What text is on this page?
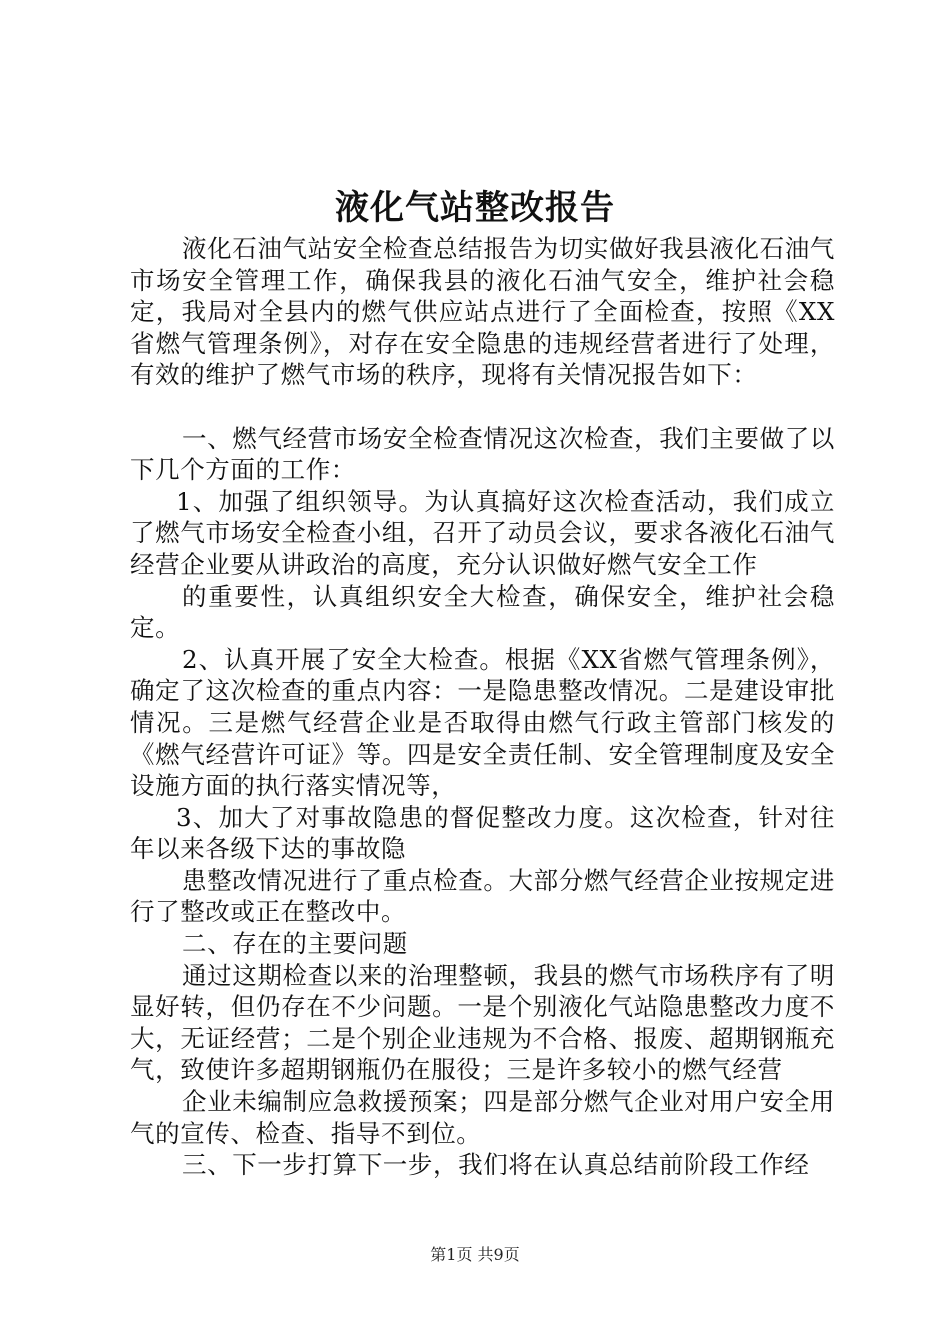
液化气站整改报告

液化石油气站安全检查总结报告为切实做好我县液化石油气市场安全管理工作，确保我县的液化石油气安全，维护社会稳定，我局对全县内的燃气供应站点进行了全面检查，按照《XX省燃气管理条例》，对存在安全隐患的违规经营者进行了处理，有效的维护了燃气市场的秩序，现将有关情况报告如下：

一、燃气经营市场安全检查情况这次检查，我们主要做了以下几个方面的工作：

1、加强了组织领导。为认真搞好这次检查活动，我们成立了燃气市场安全检查小组，召开了动员会议，要求各液化石油气经营企业要从讲政治的高度，充分认识做好燃气安全工作

的重要性，认真组织安全大检查，确保安全，维护社会稳定。

2、认真开展了安全大检查。根据《XX省燃气管理条例》，确定了这次检查的重点内容：一是隐患整改情况。二是建设审批情况。三是燃气经营企业是否取得由燃气行政主管部门核发的《燃气经营许可证》等。四是安全责任制、安全管理制度及安全设施方面的执行落实情况等，

3、加大了对事故隐患的督促整改力度。这次检查，针对往年以来各级下达的事故隐

患整改情况进行了重点检查。大部分燃气经营企业按规定进行了整改或正在整改中。

二、存在的主要问题

通过这期检查以来的治理整顿，我县的燃气市场秩序有了明显好转，但仍存在不少问题。一是个别液化气站隐患整改力度不大，无证经营；二是个别企业违规为不合格、报废、超期钢瓶充气，致使许多超期钢瓶仍在服役；三是许多较小的燃气经营

企业未编制应急救援预案；四是部分燃气企业对用户安全用气的宣传、检查、指导不到位。

三、下一步打算下一步，我们将在认真总结前阶段工作经

第1页 共9页
